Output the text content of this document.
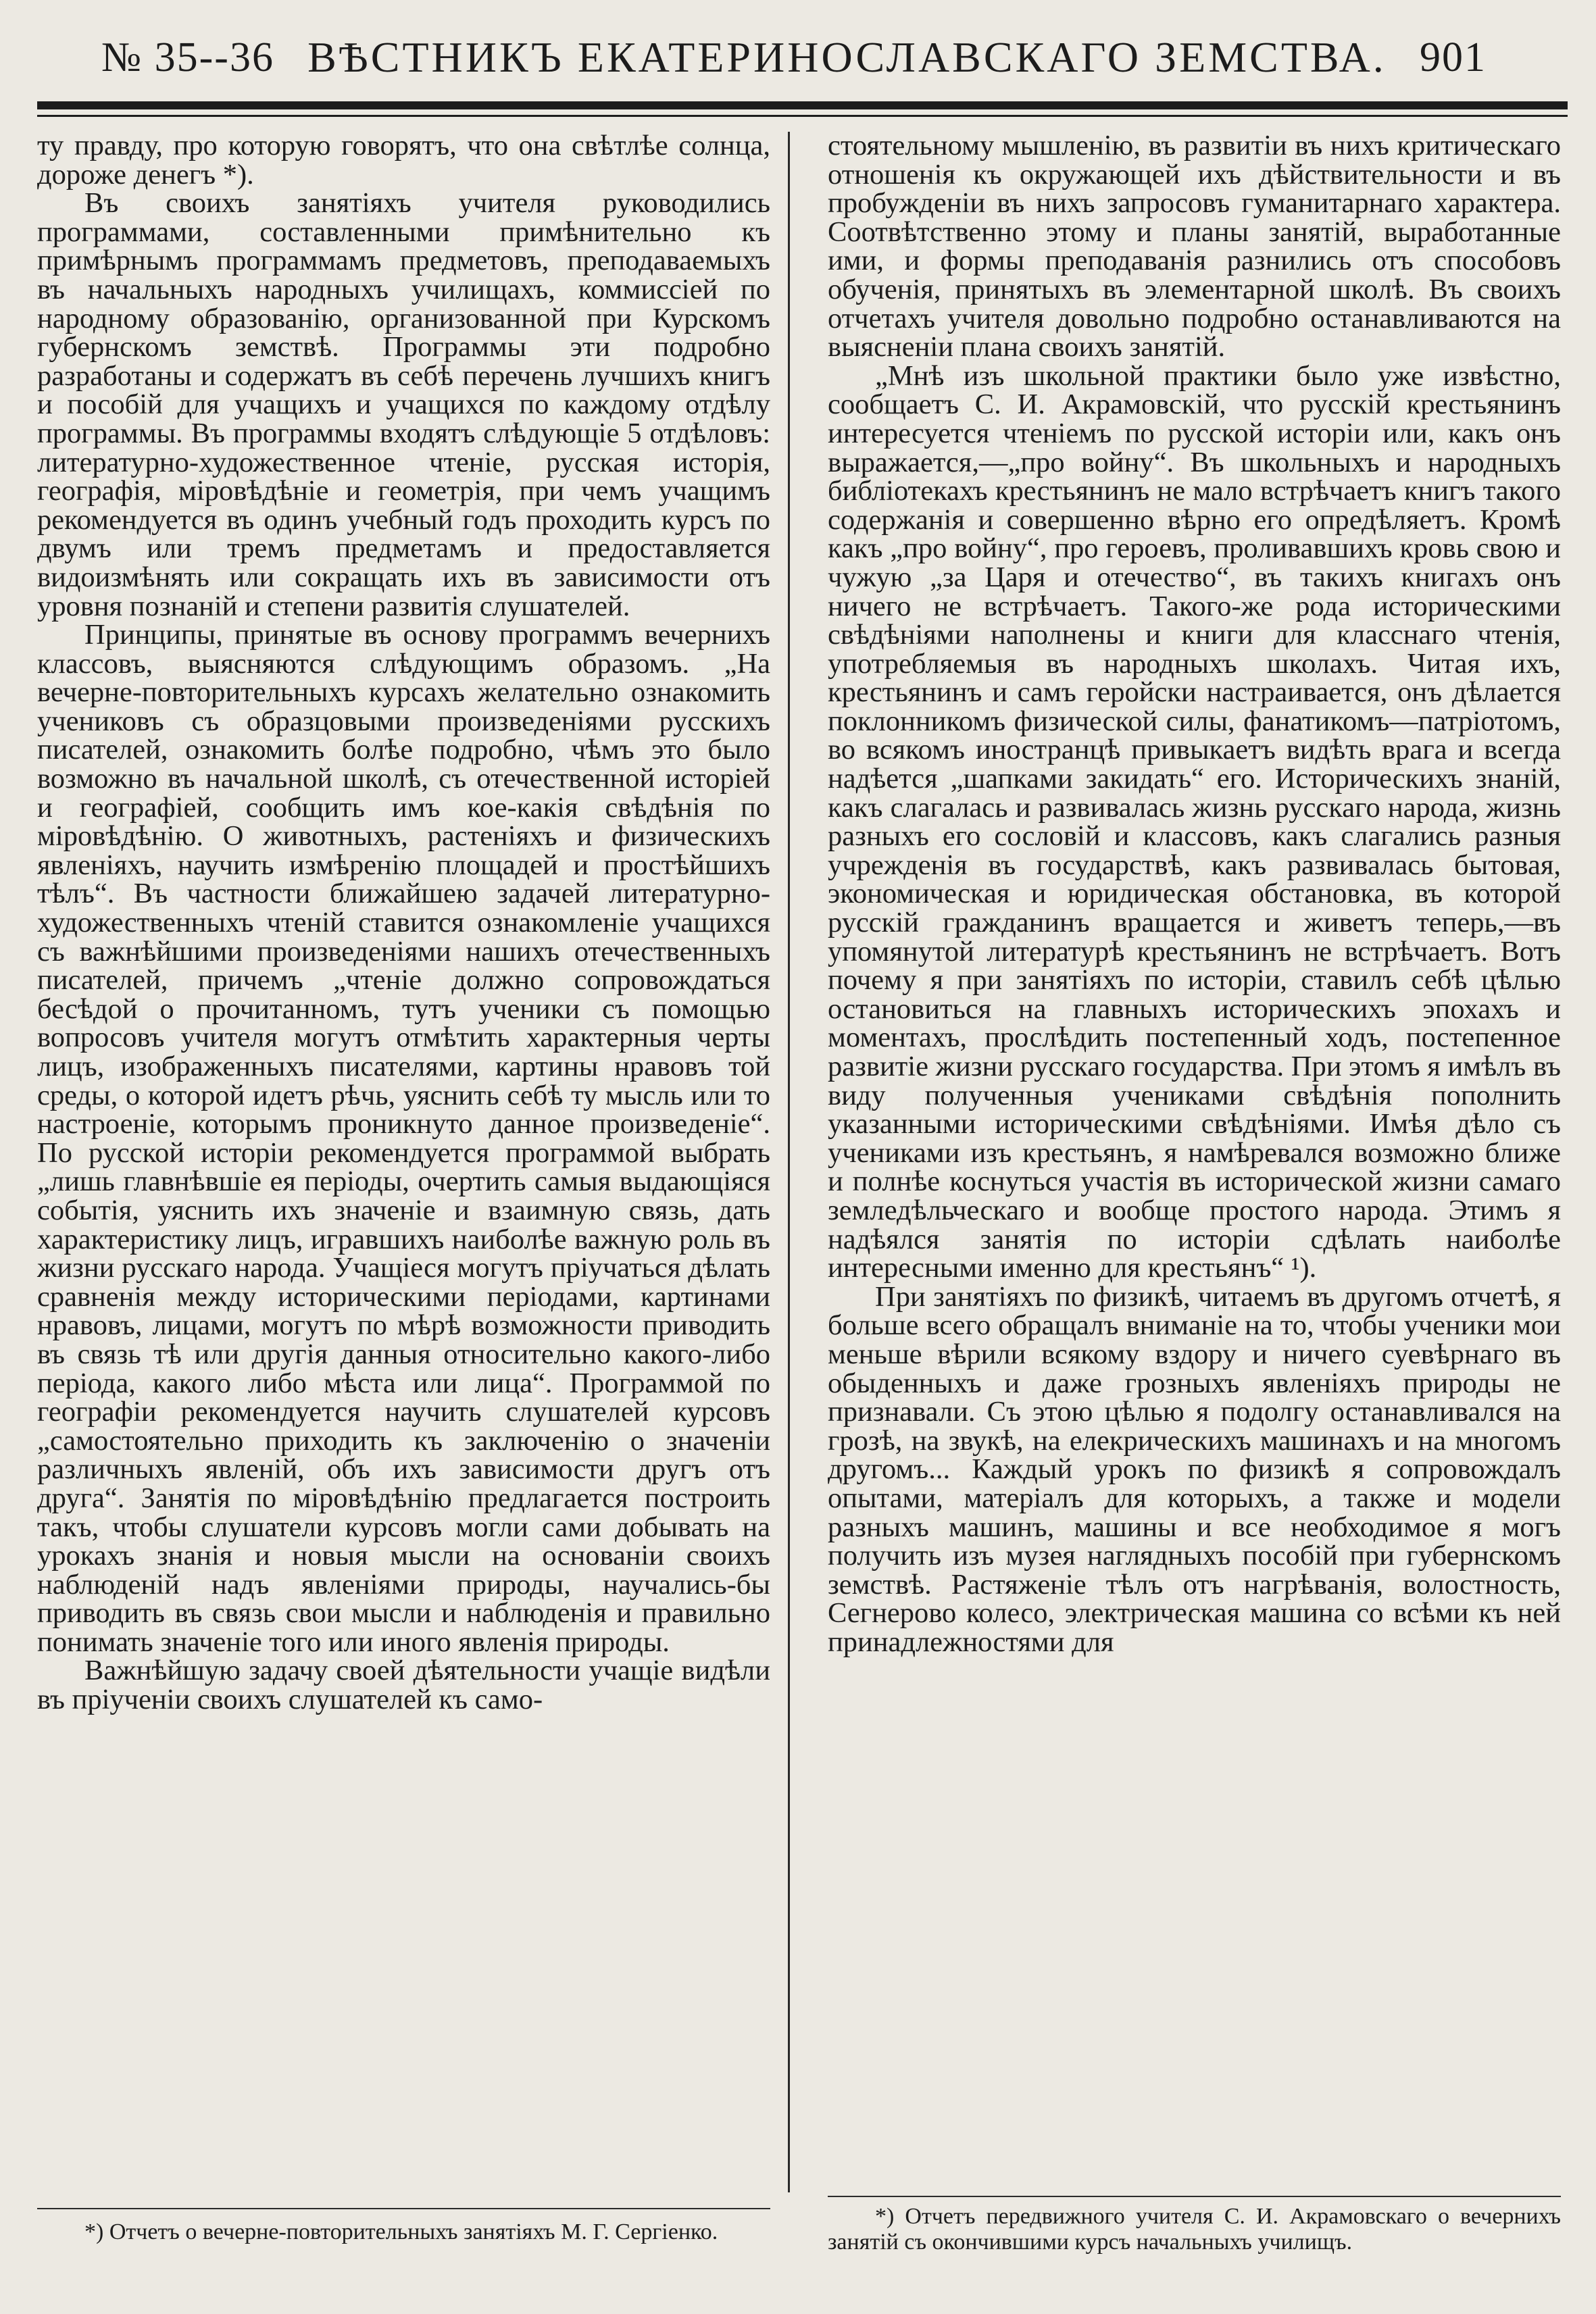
№ 35--36 ВѢСТНИКЪ ЕКАТЕРИНОСЛАВСКАГО ЗЕМСТВА. 901

ту правду, про которую говорятъ, что она свѣтлѣе солнца, дороже денегъ *).

Въ своихъ занятіяхъ учителя руководились программами, составленными примѣнительно къ примѣрнымъ программамъ предметовъ, преподаваемыхъ въ начальныхъ народныхъ училищахъ, коммиссіей по народному образованію, организованной при Курскомъ губернскомъ земствѣ. Программы эти подробно разработаны и содержатъ въ себѣ перечень лучшихъ книгъ и пособій для учащихъ и учащихся по каждому отдѣлу программы. Въ программы входятъ слѣдующіе 5 отдѣловъ: литературно-художественное чтеніе, русская исторія, географія, міровѣдѣніе и геометрія, при чемъ учащимъ рекомендуется въ одинъ учебный годъ проходить курсъ по двумъ или тремъ предметамъ и предоставляется видоизмѣнять или сокращать ихъ въ зависимости отъ уровня познаній и степени развитія слушателей.

Принципы, принятые въ основу программъ вечернихъ классовъ, выясняются слѣдующимъ образомъ. „На вечерне-повторительныхъ курсахъ желательно ознакомить учениковъ съ образцовыми произведеніями русскихъ писателей, ознакомить болѣе подробно, чѣмъ это было возможно въ начальной школѣ, съ отечественной исторіей и географіей, сообщить имъ кое-какія свѣдѣнія по міровѣдѣнію. О животныхъ, растеніяхъ и физическихъ явленіяхъ, научить измѣренію площадей и простѣйшихъ тѣлъ“. Въ частности ближайшею задачей литературно-художественныхъ чтеній ставится ознакомленіе учащихся съ важнѣйшими произведеніями нашихъ отечественныхъ писателей, причемъ „чтеніе должно сопровождаться бесѣдой о прочитанномъ, тутъ ученики съ помощью вопросовъ учителя могутъ отмѣтить характерныя черты лицъ, изображенныхъ писателями, картины нравовъ той среды, о которой идетъ рѣчь, уяснить себѣ ту мысль или то настроеніе, которымъ проникнуто данное произведеніе“. По русской исторіи рекомендуется программой выбрать „лишь главнѣвшіе ея періоды, очертить самыя выдающіяся событія, уяснить ихъ значеніе и взаимную связь, дать характеристику лицъ, игравшихъ наиболѣе важную роль въ жизни русскаго народа. Учащіеся могутъ пріучаться дѣлать сравненія между историческими періодами, картинами нравовъ, лицами, могутъ по мѣрѣ возможности приводить въ связь тѣ или другія данныя относительно какого-либо періода, какого либо мѣста или лица“. Программой по географіи рекомендуется научить слушателей курсовъ „самостоятельно приходить къ заключенію о значеніи различныхъ явленій, объ ихъ зависимости другъ отъ друга“. Занятія по міровѣдѣнію предлагается построить такъ, чтобы слушатели курсовъ могли сами добывать на урокахъ знанія и новыя мысли на основаніи своихъ наблюденій надъ явленіями природы, научались-бы приводить въ связь свои мысли и наблюденія и правильно понимать значеніе того или иного явленія природы.

Важнѣйшую задачу своей дѣятельности учащіе видѣли въ пріученіи своихъ слушателей къ само-

стоятельному мышленію, въ развитіи въ нихъ критическаго отношенія къ окружающей ихъ дѣйствительности и въ пробужденіи въ нихъ запросовъ гуманитарнаго характера. Соотвѣтственно этому и планы занятій, выработанные ими, и формы преподаванія разнились отъ способовъ обученія, принятыхъ въ элементарной школѣ. Въ своихъ отчетахъ учителя довольно подробно останавливаются на выясненіи плана своихъ занятій.

„Мнѣ изъ школьной практики было уже извѣстно, сообщаетъ С. И. Акрамовскій, что русскій крестьянинъ интересуется чтеніемъ по русской исторіи или, какъ онъ выражается,—„про войну“. Въ школьныхъ и народныхъ библіотекахъ крестьянинъ не мало встрѣчаетъ книгъ такого содержанія и совершенно вѣрно его опредѣляетъ. Кромѣ какъ „про войну“, про героевъ, проливавшихъ кровь свою и чужую „за Царя и отечество“, въ такихъ книгахъ онъ ничего не встрѣчаетъ. Такого-же рода историческими свѣдѣніями наполнены и книги для класснаго чтенія, употребляемыя въ народныхъ школахъ. Читая ихъ, крестьянинъ и самъ геройски настраивается, онъ дѣлается поклонникомъ физической силы, фанатикомъ—патріотомъ, во всякомъ иностранцѣ привыкаетъ видѣть врага и всегда надѣется „шапками закидать“ его. Историческихъ знаній, какъ слагалась и развивалась жизнь русскаго народа, жизнь разныхъ его сословій и классовъ, какъ слагались разныя учрежденія въ государствѣ, какъ развивалась бытовая, экономическая и юридическая обстановка, въ которой русскій гражданинъ вращается и живетъ теперь,—въ упомянутой литературѣ крестьянинъ не встрѣчаетъ. Вотъ почему я при занятіяхъ по исторіи, ставилъ себѣ цѣлью остановиться на главныхъ историческихъ эпохахъ и моментахъ, прослѣдить постепенный ходъ, постепенное развитіе жизни русскаго государства. При этомъ я имѣлъ въ виду полученныя учениками свѣдѣнія пополнить указанными историческими свѣдѣніями. Имѣя дѣло съ учениками изъ крестьянъ, я намѣревался возможно ближе и полнѣе коснуться участія въ исторической жизни самаго земледѣльческаго и вообще простого народа. Этимъ я надѣялся занятія по исторіи сдѣлать наиболѣе интересными именно для крестьянъ“ ¹).

При занятіяхъ по физикѣ, читаемъ въ другомъ отчетѣ, я больше всего обращалъ вниманіе на то, чтобы ученики мои меньше вѣрили всякому вздору и ничего суевѣрнаго въ обыденныхъ и даже грозныхъ явленіяхъ природы не признавали. Съ этою цѣлью я подолгу останавливался на грозѣ, на звукѣ, на елекрическихъ машинахъ и на многомъ другомъ... Каждый урокъ по физикѣ я сопровождалъ опытами, матеріалъ для которыхъ, а также и модели разныхъ машинъ, машины и все необходимое я могъ получить изъ музея наглядныхъ пособій при губернскомъ земствѣ. Растяженіе тѣлъ отъ нагрѣванія, волостность, Сегнерово колесо, электрическая машина со всѣми къ ней принадлежностями для

*) Отчетъ о вечерне-повторительныхъ занятіяхъ М. Г. Сергіенко.

*) Отчетъ передвижного учителя С. И. Акрамовскаго о вечернихъ занятій съ окончившими курсъ начальныхъ училищъ.
